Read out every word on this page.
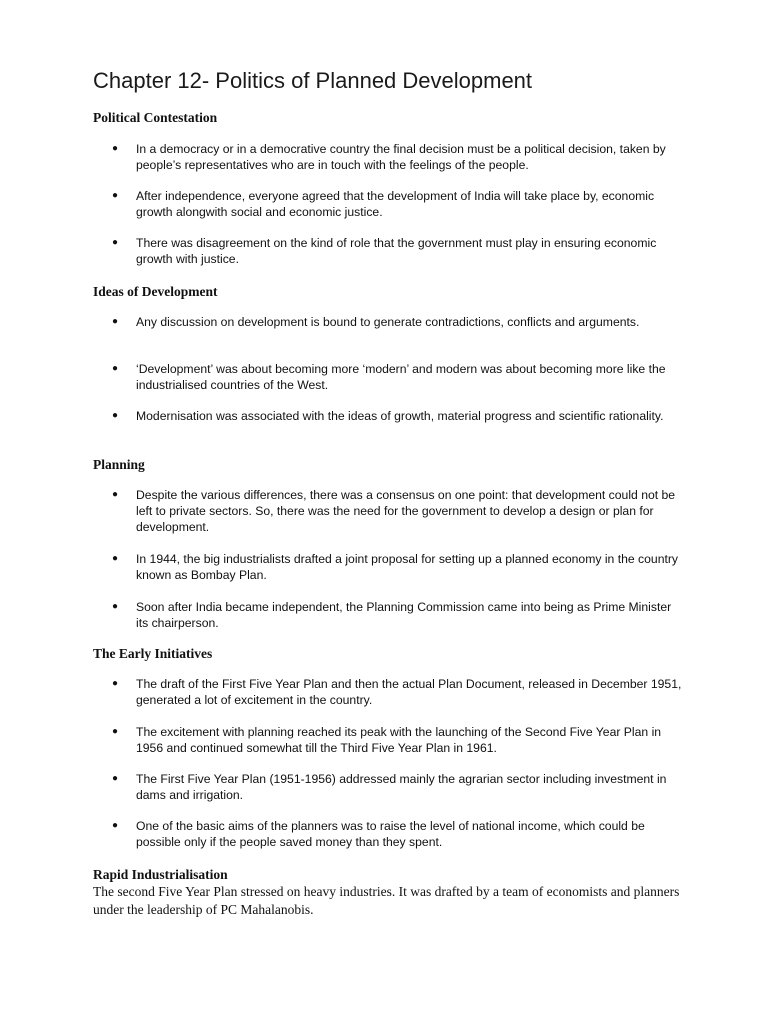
Chapter 12- Politics of Planned Development
Political Contestation
●	In a democracy or in a democrative country the final decision must be a political decision, taken by people’s representatives who are in touch with the feelings of the people.
●	After independence, everyone agreed that the development of India will take place by, economic growth alongwith social and economic justice.
●	There was disagreement on the kind of role that the government must play in ensuring economic growth with justice.
Ideas of Development
●	Any discussion on development is bound to generate contradictions, conflicts and arguments.
●	‘Development’ was about becoming more ‘modern’ and modern was about becoming more like the industrialised countries of the West.
●	Modernisation was associated with the ideas of growth, material progress and scientific rationality.
Planning
●	Despite the various differences, there was a consensus on one point: that development could not be left to private sectors. So, there was the need for the government to develop a design or plan for development.
●	In 1944, the big industrialists drafted a joint proposal for setting up a planned economy in the country known as Bombay Plan.
●	Soon after India became independent, the Planning Commission came into being as Prime Minister its chairperson.
The Early Initiatives
●	The draft of the First Five Year Plan and then the actual Plan Document, released in December 1951, generated a lot of excitement in the country.
●	The excitement with planning reached its peak with the launching of the Second Five Year Plan in 1956 and continued somewhat till the Third Five Year Plan in 1961.
●	The First Five Year Plan (1951-1956) addressed mainly the agrarian sector including investment in dams and irrigation.
●	One of the basic aims of the planners was to raise the level of national income, which could be possible only if the people saved money than they spent.
Rapid Industrialisation

The second Five Year Plan stressed on heavy industries. It was drafted by a team of economists and planners under the leadership of PC Mahalanobis.
